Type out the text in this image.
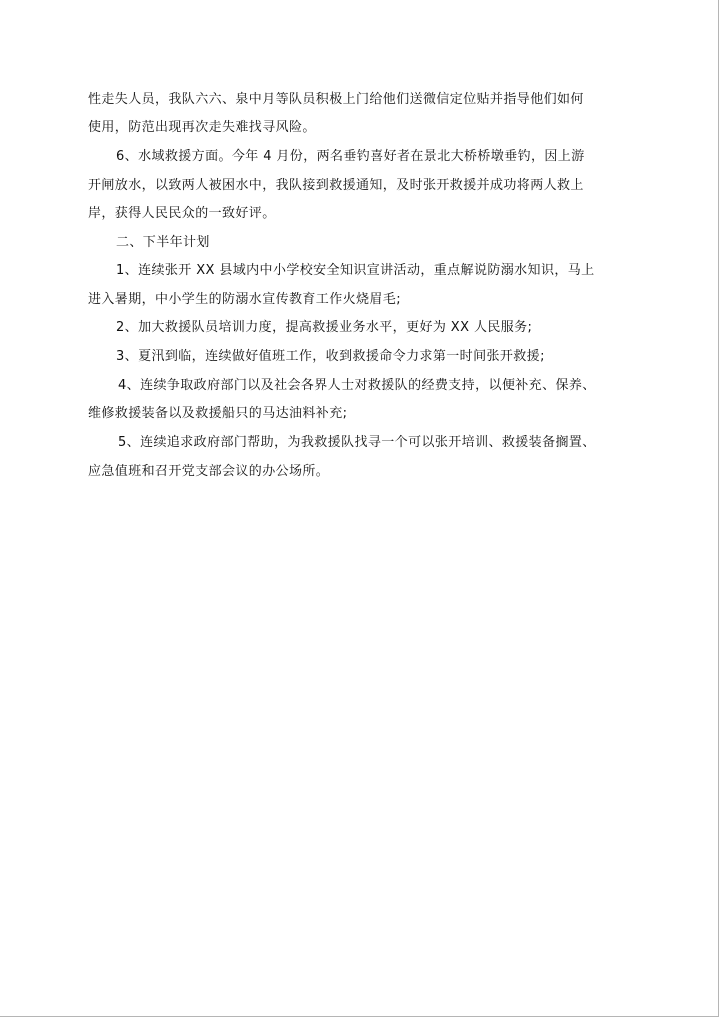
性走失人员，我队六六、泉中月等队员积极上门给他们送微信定位贴并指导他们如何
使用，防范出现再次走失难找寻风险。
6、水域救援方面。今年 4 月份，两名垂钓喜好者在景北大桥桥墩垂钓，因上游
开闸放水，以致两人被困水中，我队接到救援通知，及时张开救援并成功将两人救上
岸，获得人民民众的一致好评。
二、下半年计划
1、连续张开 XX 县域内中小学校安全知识宣讲活动，重点解说防溺水知识，马上
进入暑期，中小学生的防溺水宣传教育工作火烧眉毛;
2、加大救援队员培训力度，提高救援业务水平，更好为 XX 人民服务;
3、夏汛到临，连续做好值班工作，收到救援命令力求第一时间张开救援;
4、连续争取政府部门以及社会各界人士对救援队的经费支持，以便补充、保养、
维修救援装备以及救援船只的马达油料补充;
5、连续追求政府部门帮助，为我救援队找寻一个可以张开培训、救援装备搁置、
应急值班和召开党支部会议的办公场所。
